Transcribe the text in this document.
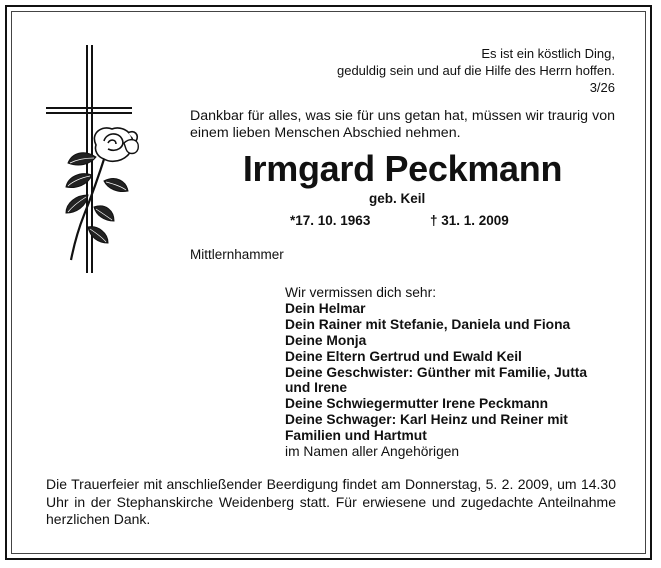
Es ist ein köstlich Ding,
geduldig sein und auf die Hilfe des Herrn hoffen.
3/26
Dankbar für alles, was sie für uns getan hat, müssen wir traurig von einem lieben Menschen Abschied nehmen.
Irmgard Peckmann
geb. Keil
*17. 10. 1963	† 31. 1. 2009
Mittlernhammer
Wir vermissen dich sehr:
Dein Helmar
Dein Rainer mit Stefanie, Daniela und Fiona
Deine Monja
Deine Eltern Gertrud und Ewald Keil
Deine Geschwister: Günther mit Familie, Jutta und Irene
Deine Schwiegermutter Irene Peckmann
Deine Schwager: Karl Heinz und Reiner mit Familien und Hartmut
im Namen aller Angehörigen
Die Trauerfeier mit anschließender Beerdigung findet am Donnerstag, 5. 2. 2009, um 14.30 Uhr in der Stephanskirche Weidenberg statt. Für erwiesene und zugedachte Anteilnahme herzlichen Dank.
